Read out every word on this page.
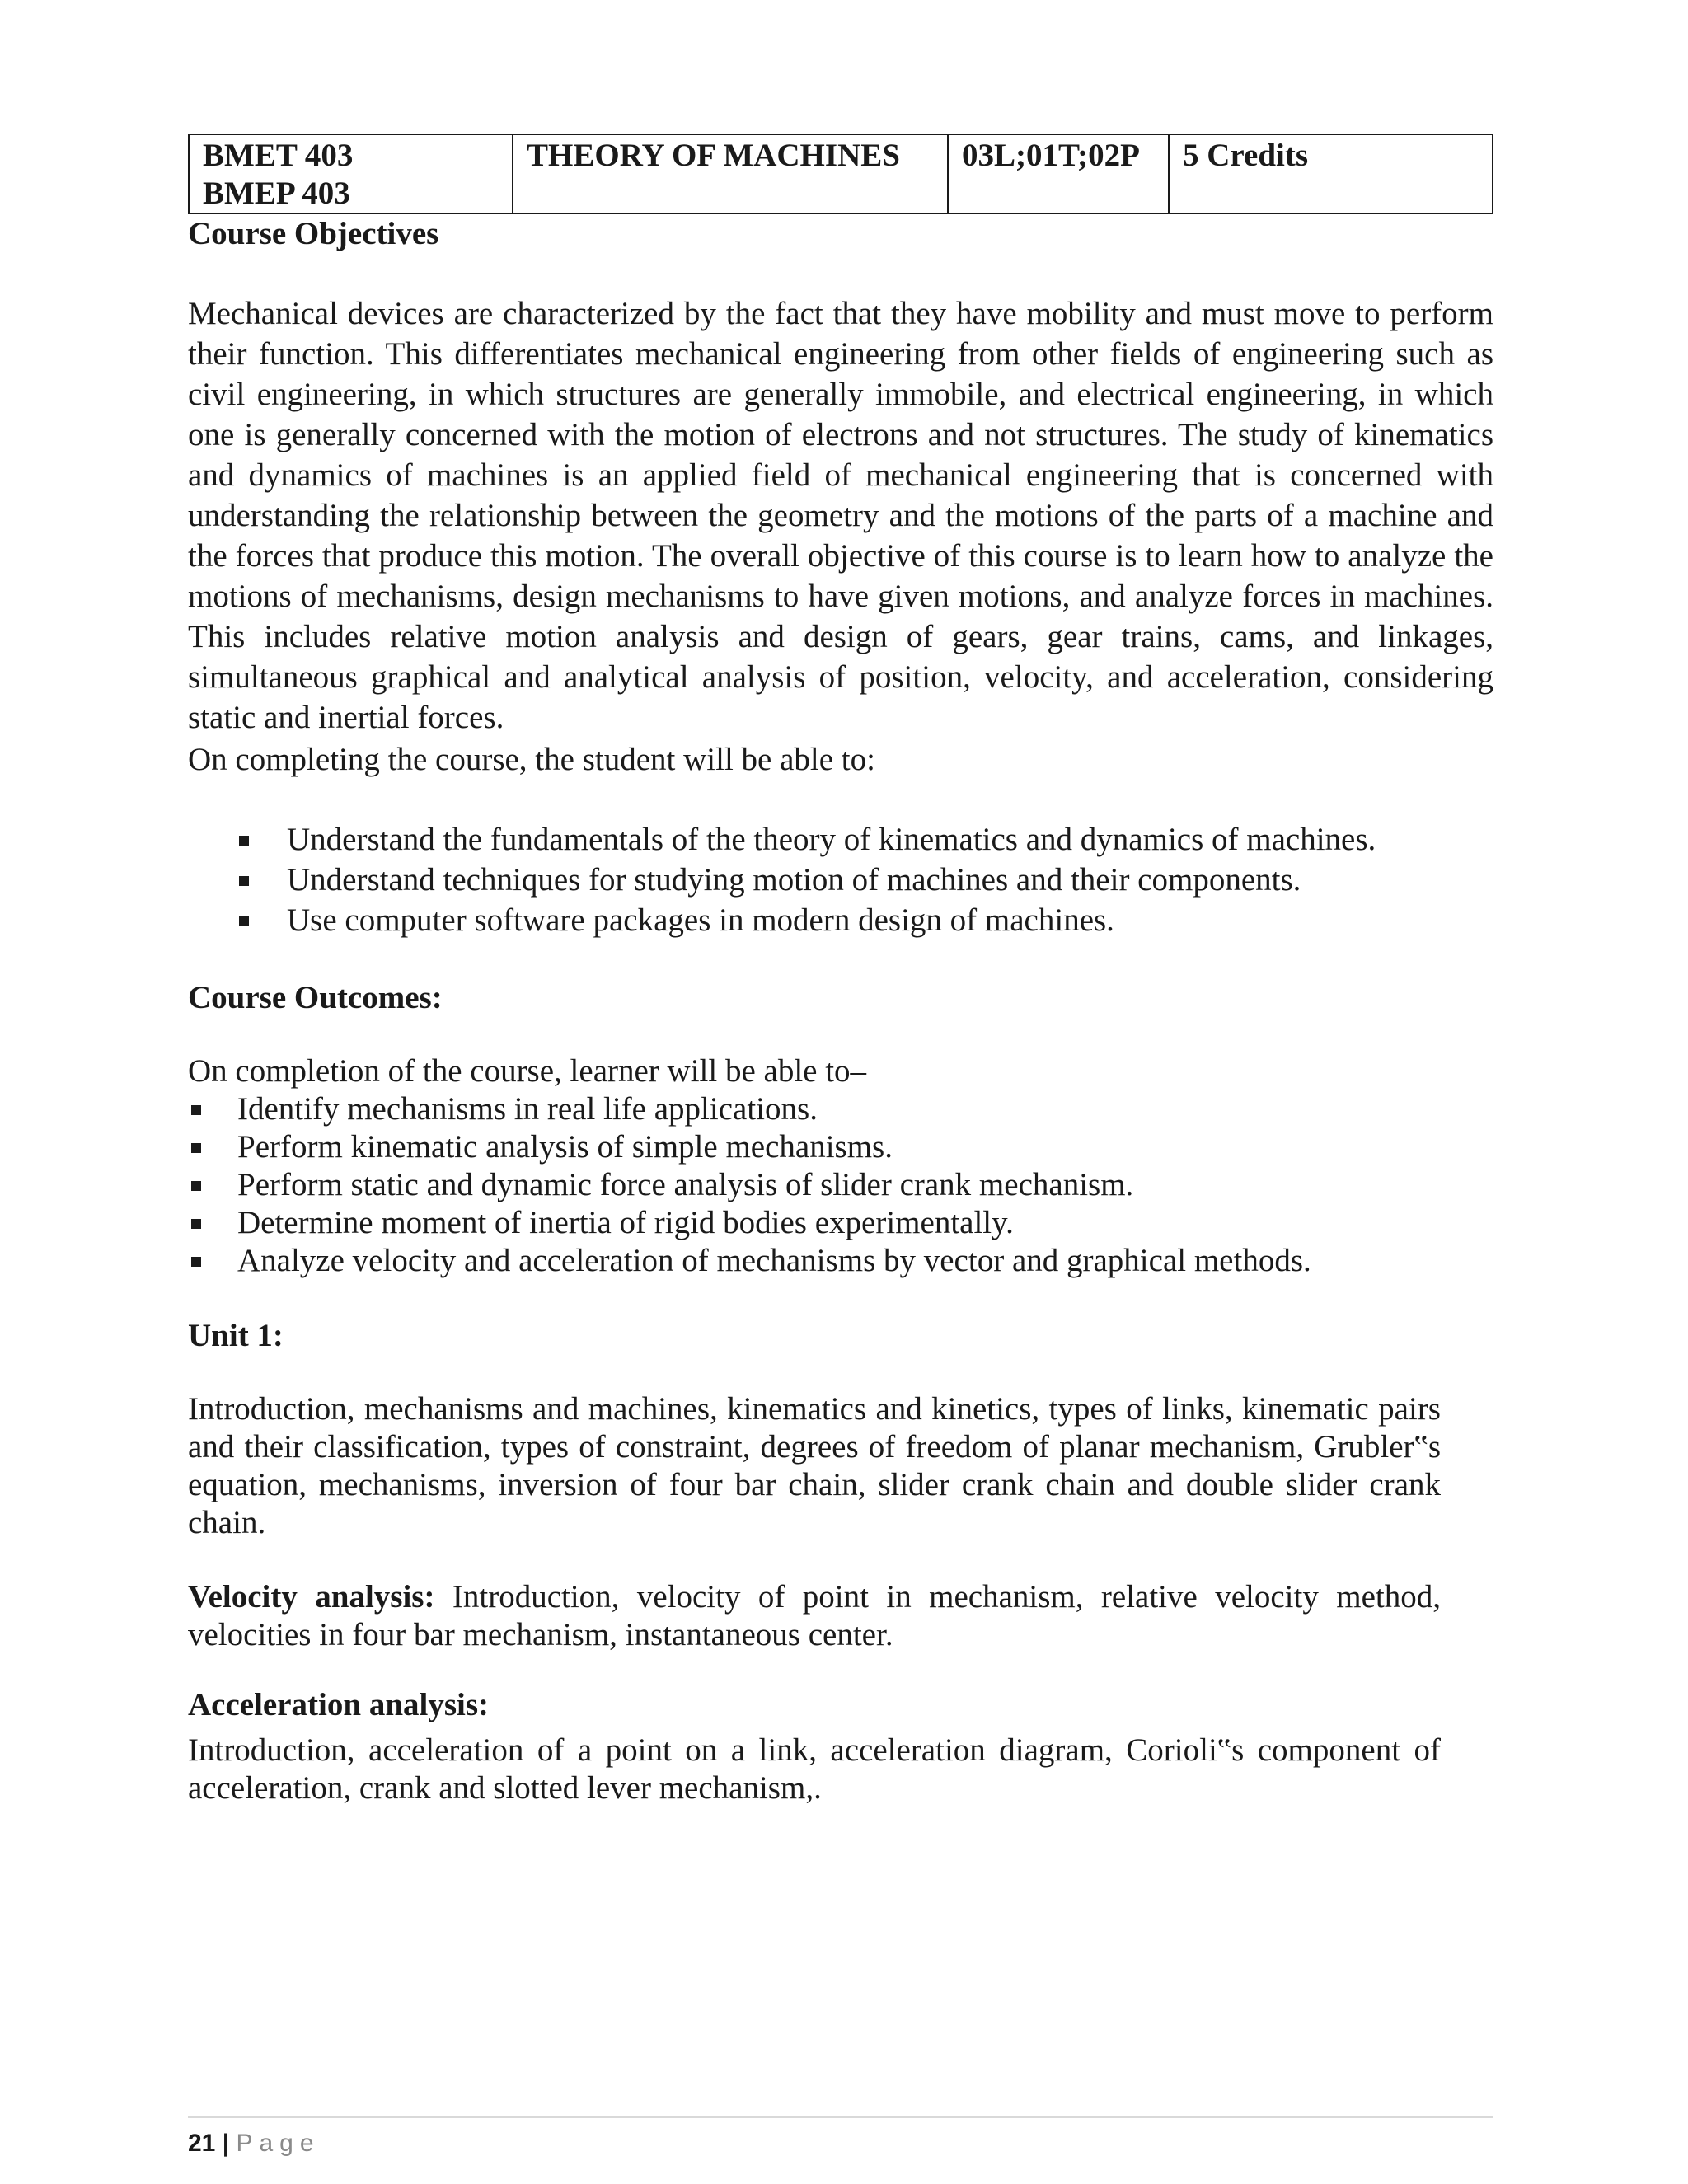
BMET 403
BMEP 403
	THEORY OF MACHINES	03L;01T;02P	5 Credits
Course Objectives

Mechanical devices are characterized by the fact that they have mobility and must move to perform their function. This differentiates mechanical engineering from other fields of engineering such as civil engineering, in which structures are generally immobile, and electrical engineering, in which one is generally concerned with the motion of electrons and not structures. The study of kinematics and dynamics of machines is an applied field of mechanical engineering that is concerned with understanding the relationship between the geometry and the motions of the parts of a machine and the forces that produce this motion. The overall objective of this course is to learn how to analyze the motions of mechanisms, design mechanisms to have given motions, and analyze forces in machines. This includes relative motion analysis and design of gears, gear trains, cams, and linkages, simultaneous graphical and analytical analysis of position, velocity, and acceleration, considering static and inertial forces.

On completing the course, the student will be able to:

Understand the fundamentals of the theory of kinematics and dynamics of machines.
Understand techniques for studying motion of machines and their components.
Use computer software packages in modern design of machines.
Course Outcomes:

On completion of the course, learner will be able to–

Identify mechanisms in real life applications.
Perform kinematic analysis of simple mechanisms.
Perform static and dynamic force analysis of slider crank mechanism.
Determine moment of inertia of rigid bodies experimentally.
Analyze velocity and acceleration of mechanisms by vector and graphical methods.
Unit 1:

Introduction, mechanisms and machines, kinematics and kinetics, types of links, kinematic pairs and their classification, types of constraint, degrees of freedom of planar mechanism, Grubler‟s equation, mechanisms, inversion of four bar chain, slider crank chain and double slider crank chain.

Velocity analysis: Introduction, velocity of point in mechanism, relative velocity method, velocities in four bar mechanism, instantaneous center.

Acceleration analysis:

Introduction, acceleration of a point on a link, acceleration diagram, Corioli‟s component of acceleration, crank and slotted lever mechanism,.

21 | Page
